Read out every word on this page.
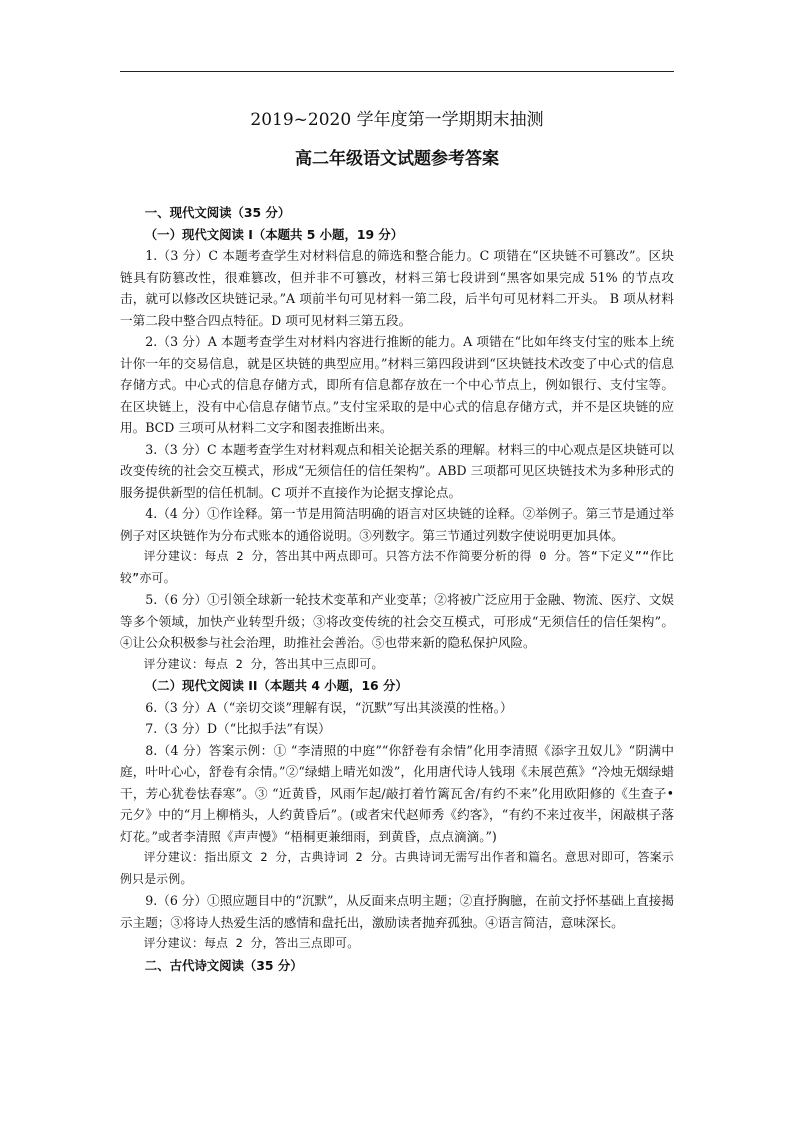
2019~2020 学年度第一学期期末抽测
高二年级语文试题参考答案

一、现代文阅读（35 分）

（一）现代文阅读 I（本题共 5 小题，19 分）

1.（3 分）C 本题考查学生对材料信息的筛选和整合能力。C 项错在“区块链不可篡改”。区块链具有防篡改性，很难篡改，但并非不可篡改，材料三第七段讲到“黑客如果完成 51% 的节点攻击，就可以修改区块链记录。”A 项前半句可见材料一第二段，后半句可见材料二开头。 B 项从材料一第二段中整合四点特征。D 项可见材料三第五段。

2.（3 分）A 本题考查学生对材料内容进行推断的能力。A 项错在“比如年终支付宝的账本上统计你一年的交易信息，就是区块链的典型应用。”材料三第四段讲到“区块链技术改变了中心式的信息存储方式。中心式的信息存储方式，即所有信息都存放在一个中心节点上，例如银行、支付宝等。在区块链上，没有中心信息存储节点。”支付宝采取的是中心式的信息存储方式，并不是区块链的应用。BCD 三项可从材料二文字和图表推断出来。

3.（3 分）C 本题考查学生对材料观点和相关论据关系的理解。材料三的中心观点是区块链可以改变传统的社会交互模式，形成“无须信任的信任架构”。ABD 三项都可见区块链技术为多种形式的服务提供新型的信任机制。C 项并不直接作为论据支撑论点。

4.（4 分）①作诠释。第一节是用简洁明确的语言对区块链的诠释。②举例子。第三节是通过举例子对区块链作为分布式账本的通俗说明。③列数字。第三节通过列数字使说明更加具体。

评分建议：每点 2 分，答出其中两点即可。只答方法不作简要分析的得 0 分。答“下定义”“作比较”亦可。

5.（6 分）①引领全球新一轮技术变革和产业变革；②将被广泛应用于金融、物流、医疗、文娱等多个领域，加快产业转型升级；③将改变传统的社会交互模式，可形成“无须信任的信任架构”。④让公众积极参与社会治理，助推社会善治。⑤也带来新的隐私保护风险。

评分建议：每点 2 分，答出其中三点即可。

（二）现代文阅读 II（本题共 4 小题，16 分）

6.（3 分）A（“亲切交谈”理解有误，“沉默”写出其淡漠的性格。）

7.（3 分）D（“比拟手法”有误）

8.（4 分）答案示例：① “李清照的中庭”“你舒卷有余情”化用李清照《添字丑奴儿》“阴满中庭，叶叶心心，舒卷有余情。”②“绿蜡上晴光如泼”，化用唐代诗人钱珝《未展芭蕉》“冷烛无烟绿蜡干，芳心犹卷怯春寒”。③ “近黄昏，风雨乍起/敲打着竹篱瓦舍/有约不来”化用欧阳修的《生查子•元夕》中的“月上柳梢头，人约黄昏后”。(或者宋代赵师秀《约客》，“有约不来过夜半，闲敲棋子落灯花。”或者李清照《声声慢》“梧桐更兼细雨，到黄昏，点点滴滴。”)

评分建议：指出原文 2 分，古典诗词 2 分。古典诗词无需写出作者和篇名。意思对即可，答案示例只是示例。

9.（6 分）①照应题目中的“沉默”，从反面来点明主题；②直抒胸臆，在前文抒怀基础上直接揭示主题；③将诗人热爱生活的感情和盘托出，激励读者抛弃孤独。④语言简洁，意味深长。

评分建议：每点 2 分，答出三点即可。

二、古代诗文阅读（35 分）
